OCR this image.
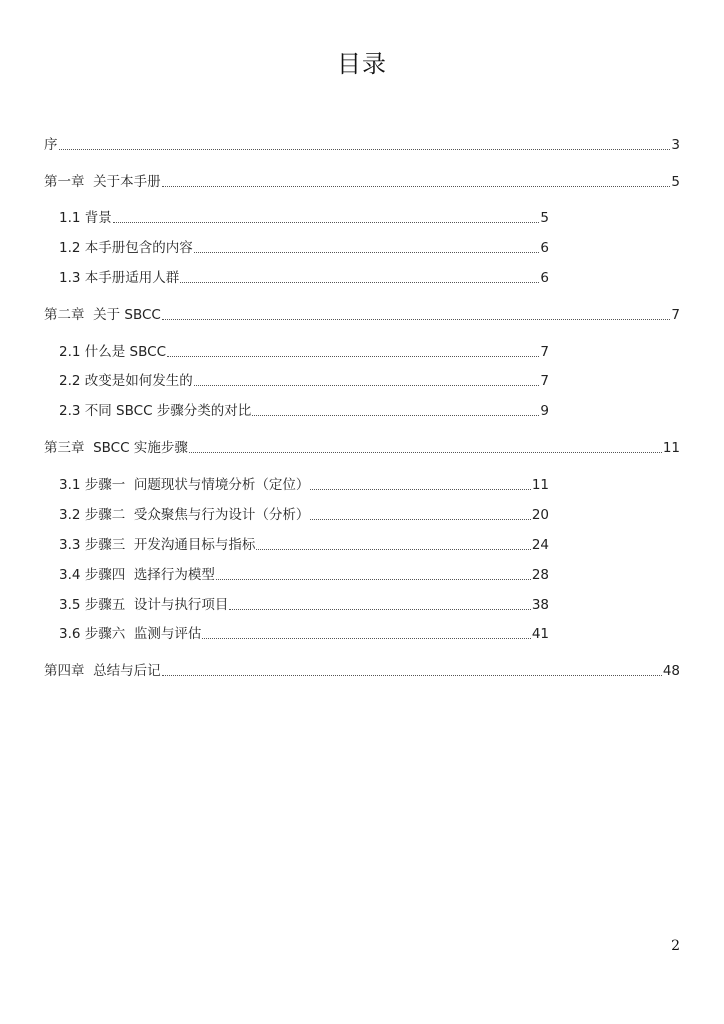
目录
序	3
第一章  关于本手册	5
1.1 背景	5
1.2 本手册包含的内容	6
1.3 本手册适用人群	6
第二章  关于 SBCC	7
2.1 什么是 SBCC	7
2.2 改变是如何发生的	7
2.3 不同 SBCC 步骤分类的对比	9
第三章  SBCC 实施步骤	11
3.1 步骤一  问题现状与情境分析（定位）	11
3.2 步骤二  受众聚焦与行为设计（分析）	20
3.3 步骤三  开发沟通目标与指标	24
3.4 步骤四  选择行为模型	28
3.5 步骤五  设计与执行项目	38
3.6 步骤六  监测与评估	41
第四章  总结与后记	48
2
